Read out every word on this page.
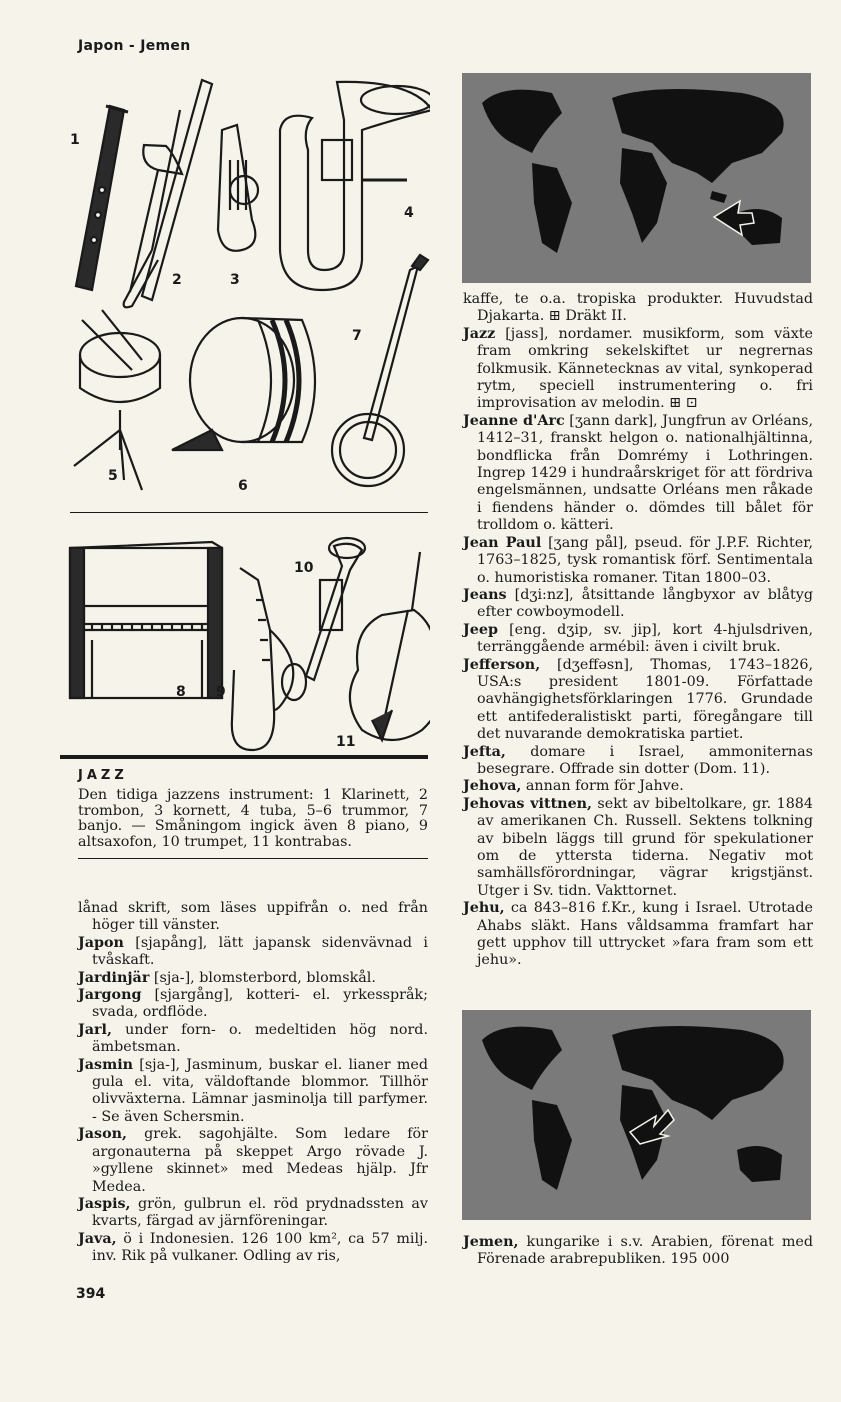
Japon - Jemen
1
2	3
4
5
6
7
8 9
10
11
JAZZ
Den tidiga jazzens instrument: 1 Klarinett, 2 trombon, 3 kornett, 4 tuba, 5–6 trummor, 7 banjo. — Småningom ingick även 8 piano, 9 altsaxofon, 10 trumpet, 11 kontrabas.

lånad skrift, som läses uppifrån o. ned från höger till vänster.

Japon [sjapång], lätt japansk sidenvävnad i tvåskaft.

Jardinjär [sja-], blomsterbord, blomskål.

Jargong [sjargång], kotteri- el. yrkesspråk; svada, ordflöde.

Jarl, under forn- o. medeltiden hög nord. ämbetsman.

Jasmin [sja-], Jasminum, buskar el. lianer med gula el. vita, väldoftande blommor. Tillhör olivväxterna. Lämnar jasminolja till parfymer. - Se även Schersmin.

Jason, grek. sagohjälte. Som ledare för argonauterna på skeppet Argo rövade J. »gyllene skinnet» med Medeas hjälp. Jfr Medea.

Jaspis, grön, gulbrun el. röd prydnadssten av kvarts, färgad av järnföreningar.

Java, ö i Indonesien. 126 100 km², ca 57 milj. inv. Rik på vulkaner. Odling av ris,

kaffe, te o.a. tropiska produkter. Huvudstad Djakarta. ⊞ Dräkt II.

Jazz [jass], nordamer. musikform, som växte fram omkring sekelskiftet ur negrernas folkmusik. Kännetecknas av vital, synkoperad rytm, speciell instrumentering o. fri improvisation av melodin. ⊞ ⊡

Jeanne d'Arc [ʒann dark], Jungfrun av Orléans, 1412–31, franskt helgon o. nationalhjältinna, bondflicka från Domrémy i Lothringen. Ingrep 1429 i hundraårskriget för att fördriva engelsmännen, undsatte Orléans men råkade i fiendens händer o. dömdes till bålet för trolldom o. kätteri.

Jean Paul [ʒang pål], pseud. för J.P.F. Richter, 1763–1825, tysk romantisk förf. Sentimentala o. humoristiska romaner. Titan 1800–03.

Jeans [dʒi:nz], åtsittande långbyxor av blåtyg efter cowboymodell.

Jeep [eng. dʒip, sv. jip], kort 4-hjulsdriven, terränggående armébil: även i civilt bruk.

Jefferson, [dʒeffəsn], Thomas, 1743–1826, USA:s president 1801-09. Författade oavhängighetsförklaringen 1776. Grundade ett antifederalistiskt parti, föregångare till det nuvarande demokratiska partiet.

Jefta, domare i Israel, ammoniternas besegrare. Offrade sin dotter (Dom. 11).

Jehova, annan form för Jahve.

Jehovas vittnen, sekt av bibeltolkare, gr. 1884 av amerikanen Ch. Russell. Sektens tolkning av bibeln läggs till grund för spekulationer om de yttersta tiderna. Negativ mot samhällsförordningar, vägrar krigstjänst. Utger i Sv. tidn. Vakttornet.

Jehu, ca 843–816 f.Kr., kung i Israel. Utrotade Ahabs släkt. Hans våldsamma framfart har gett upphov till uttrycket »fara fram som ett jehu».

Jemen, kungarike i s.v. Arabien, förenat med Förenade arabrepubliken. 195 000

394
